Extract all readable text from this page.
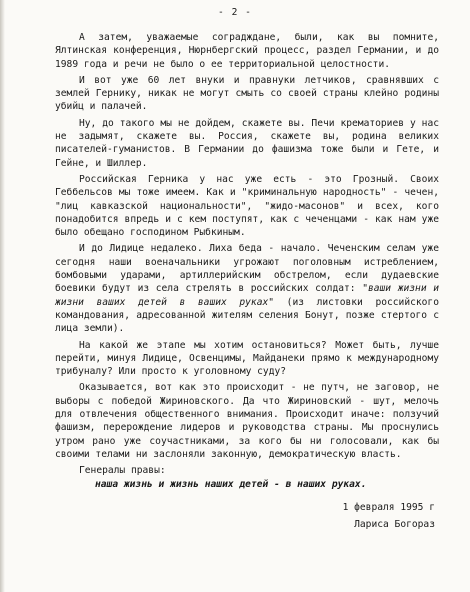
- 2 -

А затем, уважаемые соградждане, были, как вы помните, Ялтинская конференция, Нюрнбергский процесс, раздел Германии, и до 1989 года и речи не было о ее территориальной целостности.

И вот уже 60 лет внуки и правнуки летчиков, сравнявших с землей Гернику, никак не могут смыть со своей страны клейно родины убийц и палачей.

Ну, до такого мы не дойдем, скажете вы. Печи крематориев у нас не задымят, скажете вы. Россия, скажете вы, родина великих писателей-гуманистов. В Германии до фашизма тоже были и Гете, и Гейне, и Шиллер.

Российская Герника у нас уже есть - это Грозный. Своих Геббельсов мы тоже имеем. Как и "криминальную народность" - чечен, "лиц кавказской национальности", "жидо-масонов" и всех, кого понадобится впредь и с кем поступят, как с чеченцами - как нам уже было обещано господином Рыбкиным.

И до Лидице недалеко. Лиха беда - начало. Чеченским селам уже сегодня наши военачальники угрожают поголовным истреблением, бомбовыми ударами, артиллерийским обстрелом, если дудаевские боевики будут из села стрелять в российских солдат: "ваши жизни и жизни ваших детей в ваших руках" (из листовки российского командования, адресованной жителям селения Бонут, позже стертого с лица земли).

На какой же этапе мы хотим остановиться? Может быть, лучше перейти, минуя Лидице, Освенцимы, Майданеки прямо к международному трибуналу? Или просто к уголовному суду?

Оказывается, вот как это происходит - не путч, не заговор, не выборы с победой Жириновского. Да что Жириновский - шут, мелочь для отвлечения общественного внимания. Происходит иначе: ползучий фашизм, перерождение лидеров и руководства страны. Мы проснулись утром рано уже соучастниками, за кого бы ни голосовали, как бы своими телами ни заслоняли законную, демократическую власть.

Генералы правы:

наша жизнь и жизнь наших детей - в наших руках.

1 февраля 1995 г
Лариса Богораз
